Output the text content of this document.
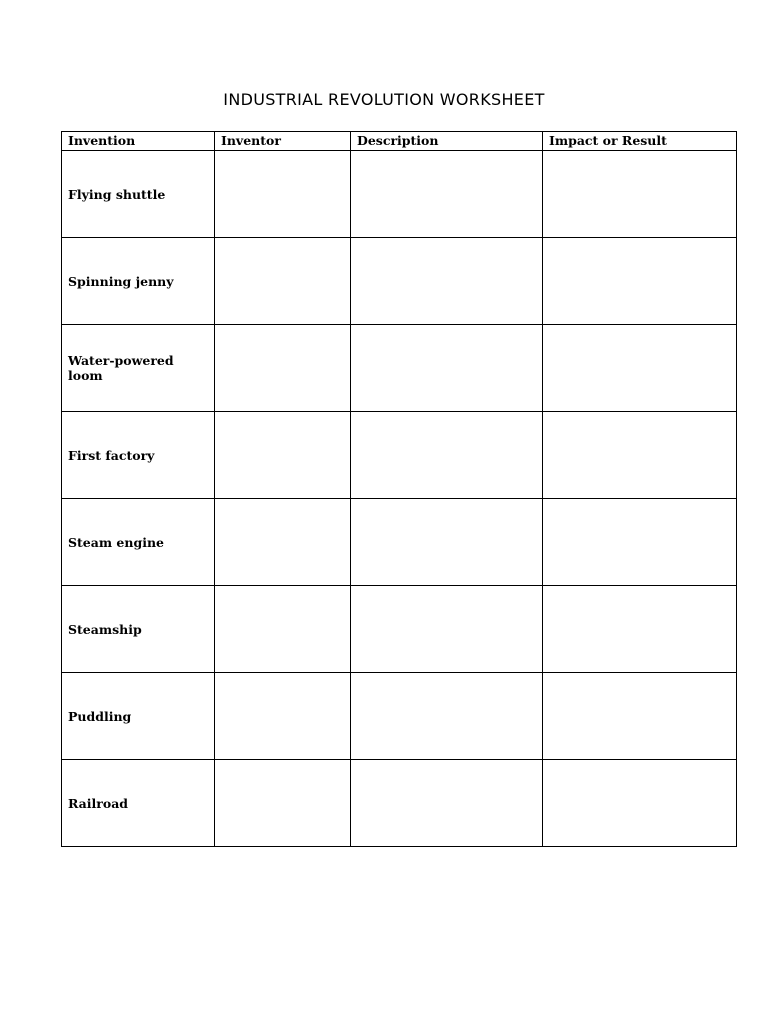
INDUSTRIAL REVOLUTION WORKSHEET
Invention	Inventor	Description	Impact or Result
Flying shuttle			
Spinning jenny			
Water-powered loom			
First factory			
Steam engine			
Steamship			
Puddling			
Railroad			
